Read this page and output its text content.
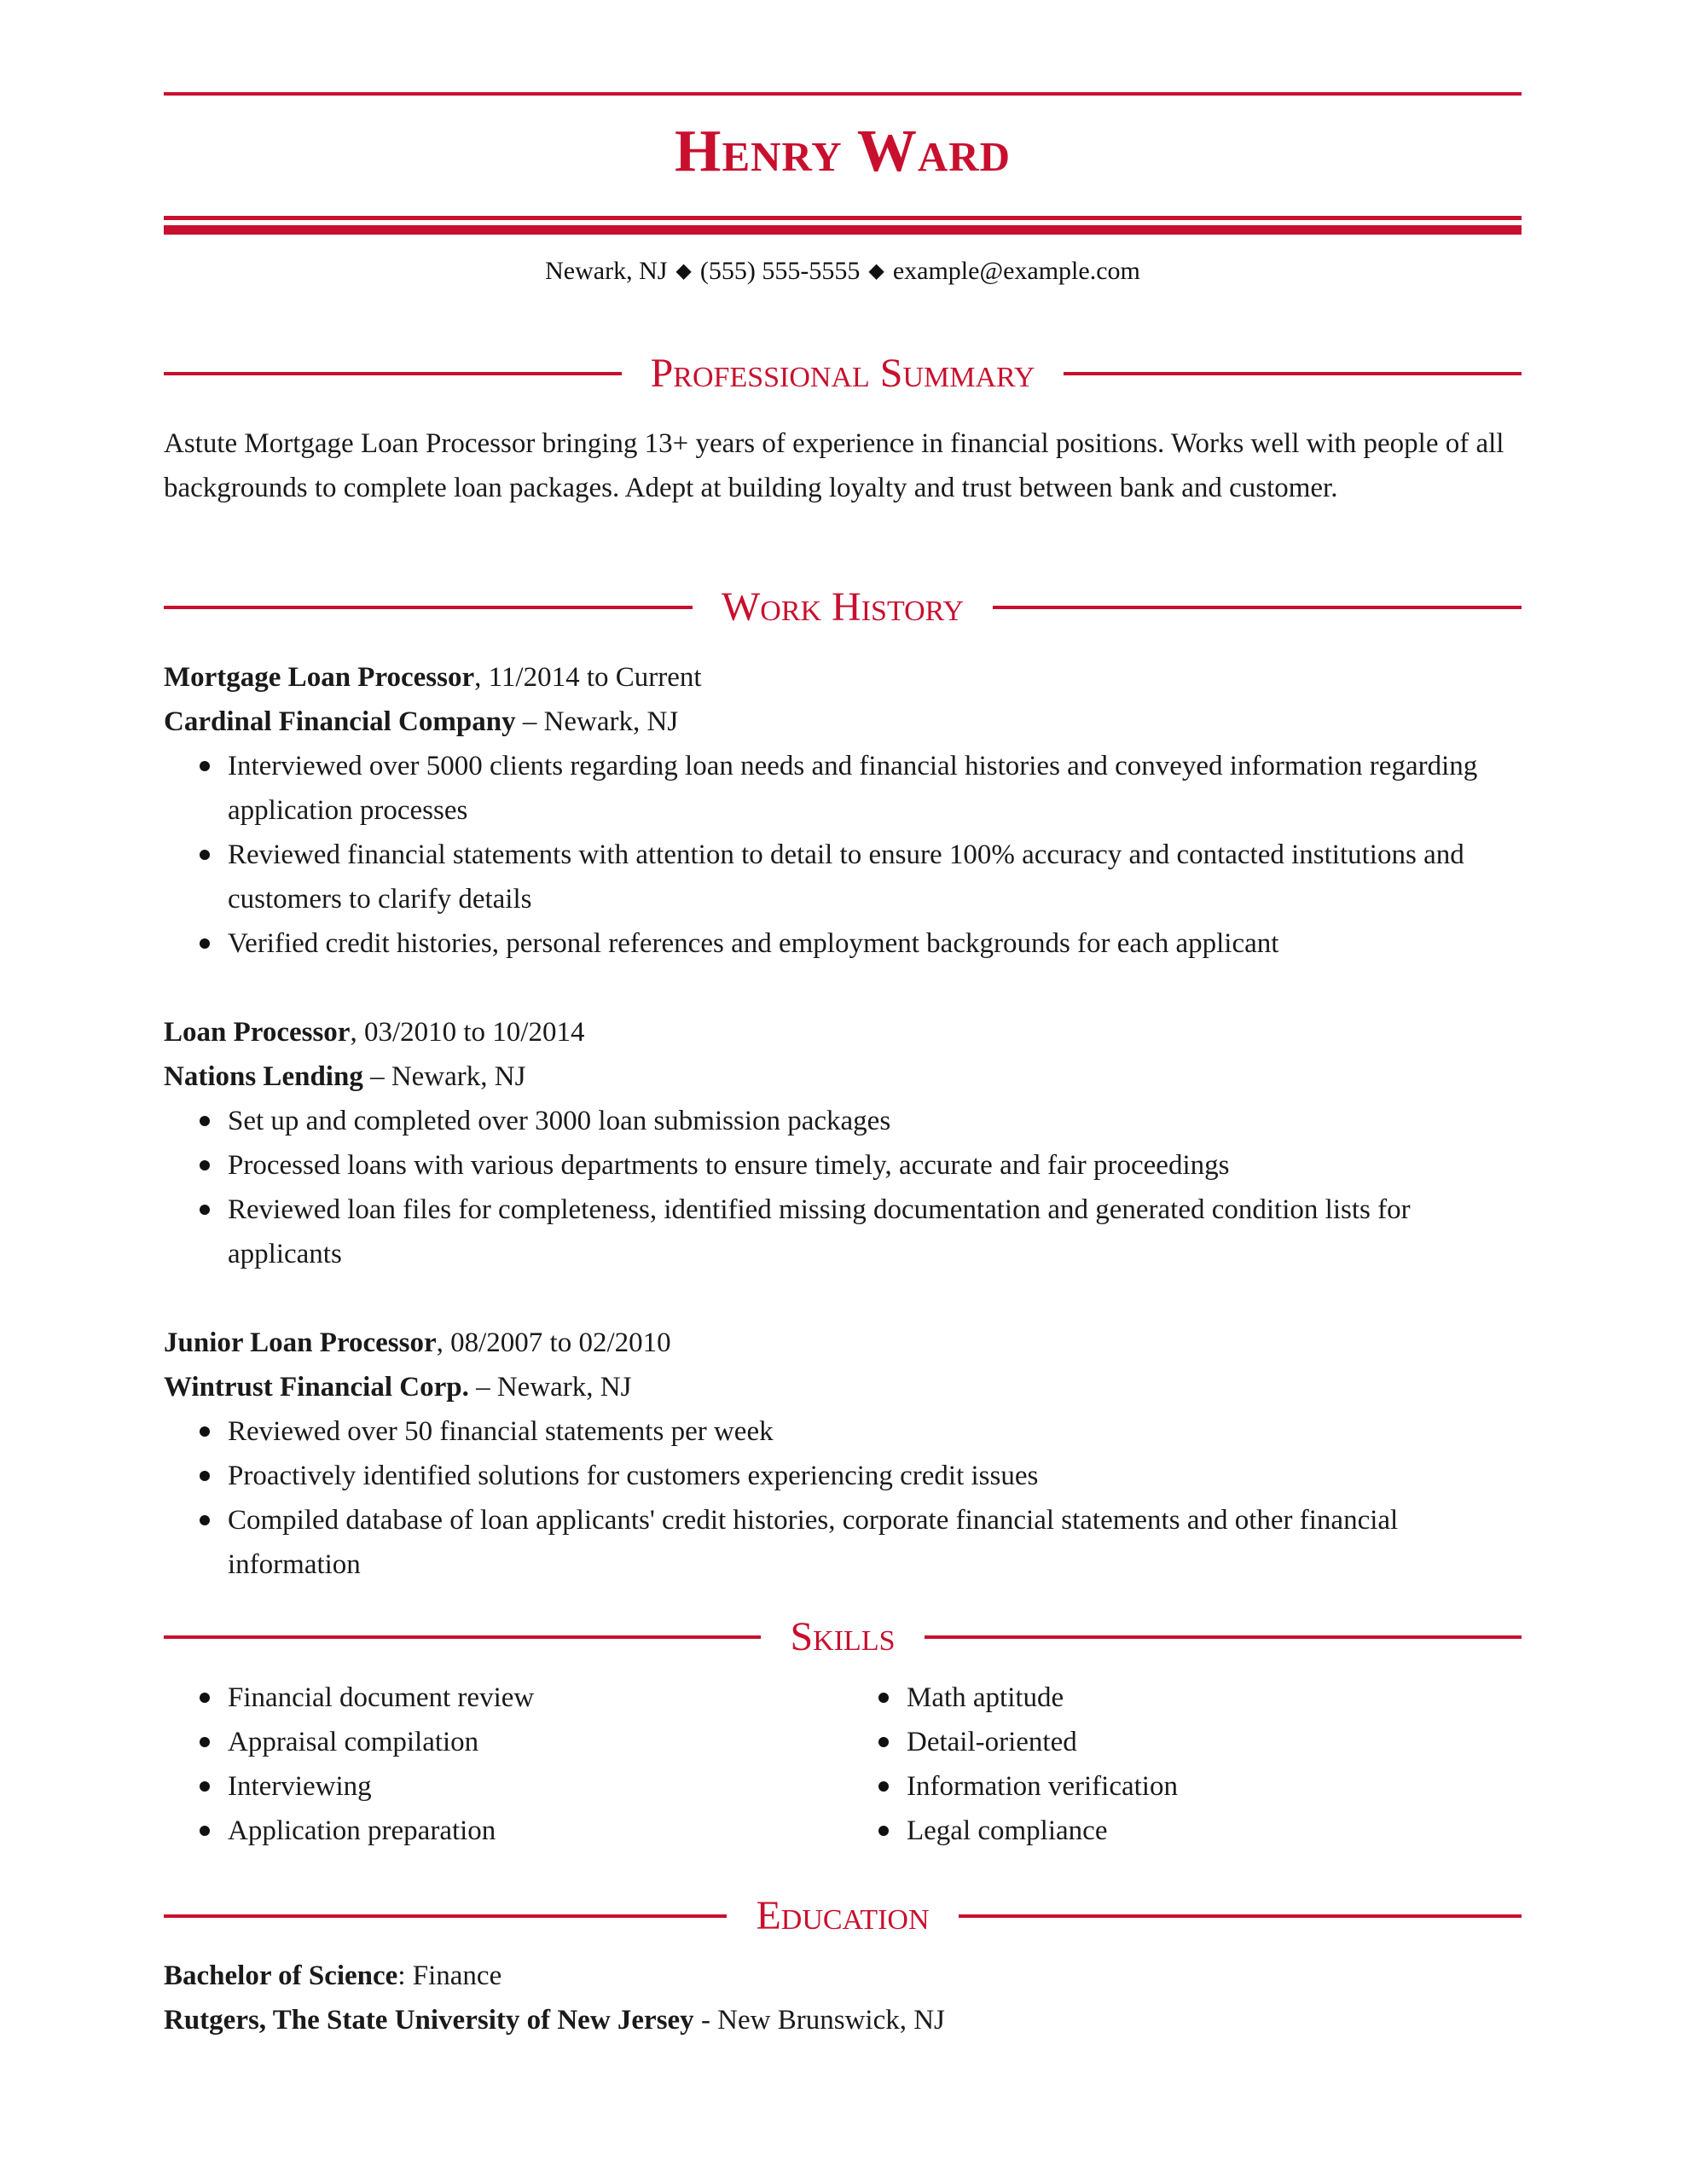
Henry Ward
Newark, NJ ◆ (555) 555-5555 ◆ example@example.com
Professional Summary
Astute Mortgage Loan Processor bringing 13+ years of experience in financial positions. Works well with people of all backgrounds to complete loan packages. Adept at building loyalty and trust between bank and customer.
Work History
Mortgage Loan Processor, 11/2014 to Current
Cardinal Financial Company – Newark, NJ
Interviewed over 5000 clients regarding loan needs and financial histories and conveyed information regarding application processes
Reviewed financial statements with attention to detail to ensure 100% accuracy and contacted institutions and customers to clarify details
Verified credit histories, personal references and employment backgrounds for each applicant
Loan Processor, 03/2010 to 10/2014
Nations Lending – Newark, NJ
Set up and completed over 3000 loan submission packages
Processed loans with various departments to ensure timely, accurate and fair proceedings
Reviewed loan files for completeness, identified missing documentation and generated condition lists for applicants
Junior Loan Processor, 08/2007 to 02/2010
Wintrust Financial Corp. – Newark, NJ
Reviewed over 50 financial statements per week
Proactively identified solutions for customers experiencing credit issues
Compiled database of loan applicants' credit histories, corporate financial statements and other financial information
Skills
Financial document review
Appraisal compilation
Interviewing
Application preparation
Math aptitude
Detail-oriented
Information verification
Legal compliance
Education
Bachelor of Science: Finance
Rutgers, The State University of New Jersey - New Brunswick, NJ
